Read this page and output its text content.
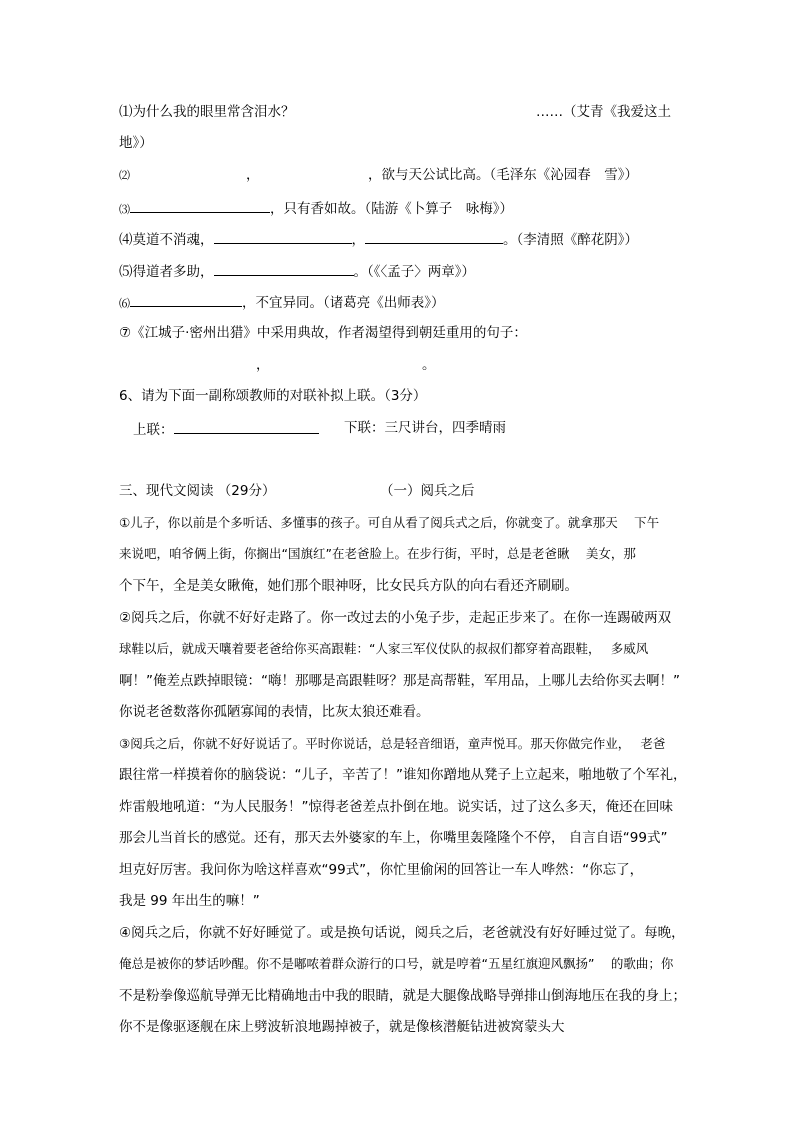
⑴为什么我的眼里常含泪水？	……（艾青《我爱这土
地》）
⑵	，	，欲与天公试比高。（毛泽东《沁园春　雪》）
⑶	，只有香如故。（陆游《卜算子　咏梅》）
⑷莫道不消魂，	，	。（李清照《醉花阴》）
⑸得道者多助，	。（《〈孟子〉两章》）
⑹	，不宜异同。（诸葛亮《出师表》）
⑦《江城子·密州出猎》中采用典故，作者渴望得到朝廷重用的句子：
，	。
6、请为下面一副称颂教师的对联补拟上联。（3分）
上联：	下联：三尺讲台，四季晴雨
三、现代文阅读 （29分）	（一）阅兵之后
①儿子，你以前是个多听话、多懂事的孩子。可自从看了阅兵式之后，你就变了。就拿那天　 下午
来说吧，咱爷俩上街，你搁出“国旗红”在老爸脸上。在步行街，平时，总是老爸瞅　 美女，那
个下午，全是美女瞅俺，她们那个眼神呀，比女民兵方队的向右看还齐刷刷。
②阅兵之后，你就不好好走路了。你一改过去的小兔子步，走起正步来了。在你一连踢破两双
球鞋以后，就成天嚷着要老爸给你买高跟鞋：“人家三军仪仗队的叔叔们都穿着高跟鞋，　 多威风
啊！”俺差点跌掉眼镜：“嗨！那哪是高跟鞋呀？那是高帮鞋，军用品，上哪儿去给你买去啊！”
你说老爸数落你孤陋寡闻的表情，比灰太狼还难看。
③阅兵之后，你就不好好说话了。平时你说话，总是轻音细语，童声悦耳。那天你做完作业，　 老爸
跟往常一样摸着你的脑袋说：“儿子，辛苦了！”谁知你蹭地从凳子上立起来，啪地敬了个军礼，
炸雷般地吼道：“为人民服务！”惊得老爸差点扑倒在地。说实话，过了这么多天，俺还在回味
那会儿当首长的感觉。还有，那天去外婆家的车上，你嘴里轰隆隆个不停， 自言自语“99式”
坦克好厉害。我问你为啥这样喜欢“99式”，你忙里偷闲的回答让一车人哗然：“你忘了，
我是 99 年出生的嘛！”
④阅兵之后，你就不好好睡觉了。或是换句话说，阅兵之后，老爸就没有好好睡过觉了。每晚，
俺总是被你的梦话吵醒。你不是嘟哝着群众游行的口号，就是哼着“五星红旗迎风飘扬”　 的歌曲；你
不是粉拳像巡航导弹无比精确地击中我的眼睛，就是大腿像战略导弹排山倒海地压在我的身上；
你不是像驱逐舰在床上劈波斩浪地踢掉被子，就是像核潜艇钻进被窝蒙头大
